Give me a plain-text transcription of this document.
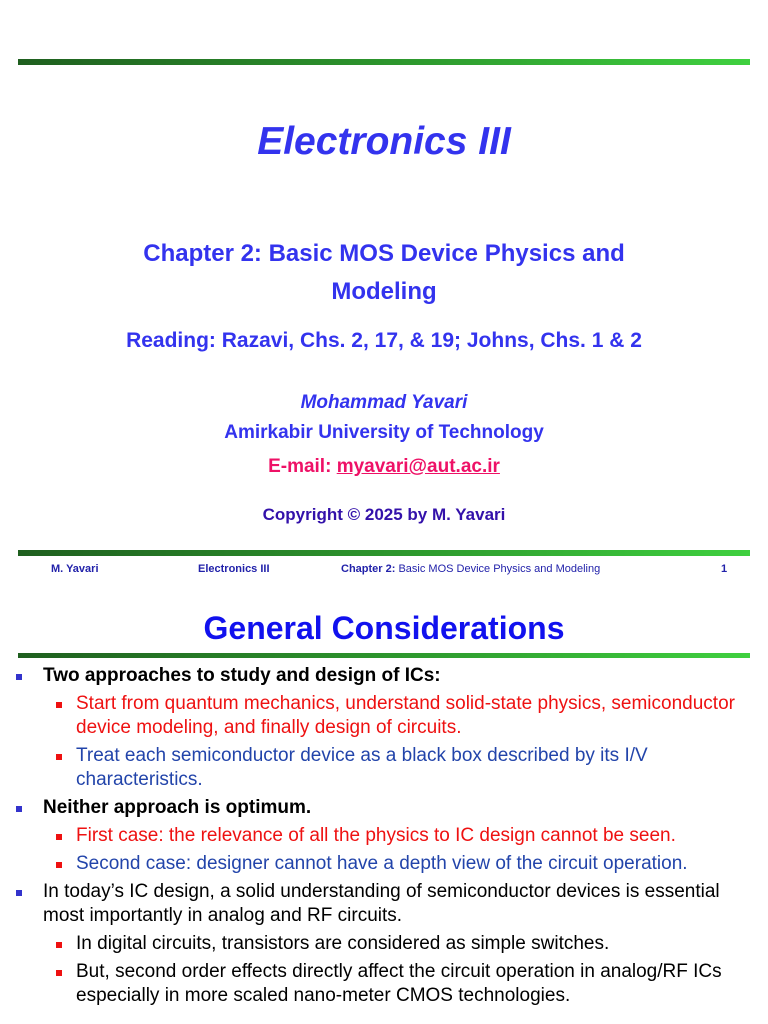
Electronics III
Chapter 2: Basic MOS Device Physics and
Modeling
Reading: Razavi, Chs. 2, 17, & 19; Johns, Chs. 1 & 2
Mohammad Yavari
Amirkabir University of Technology
E-mail: myavari@aut.ac.ir
Copyright © 2025 by M. Yavari
M. Yavari	Electronics III	Chapter 2: Basic MOS Device Physics and Modeling	1
General Considerations
Two approaches to study and design of ICs:
Start from quantum mechanics, understand solid-state physics, semiconductor device modeling, and finally design of circuits.
Treat each semiconductor device as a black box described by its I/V characteristics.
Neither approach is optimum.
First case: the relevance of all the physics to IC design cannot be seen.
Second case: designer cannot have a depth view of the circuit operation.
In today’s IC design, a solid understanding of semiconductor devices is essential most importantly in analog and RF circuits.
In digital circuits, transistors are considered as simple switches.
But, second order effects directly affect the circuit operation in analog/RF ICs especially in more scaled nano-meter CMOS technologies.
